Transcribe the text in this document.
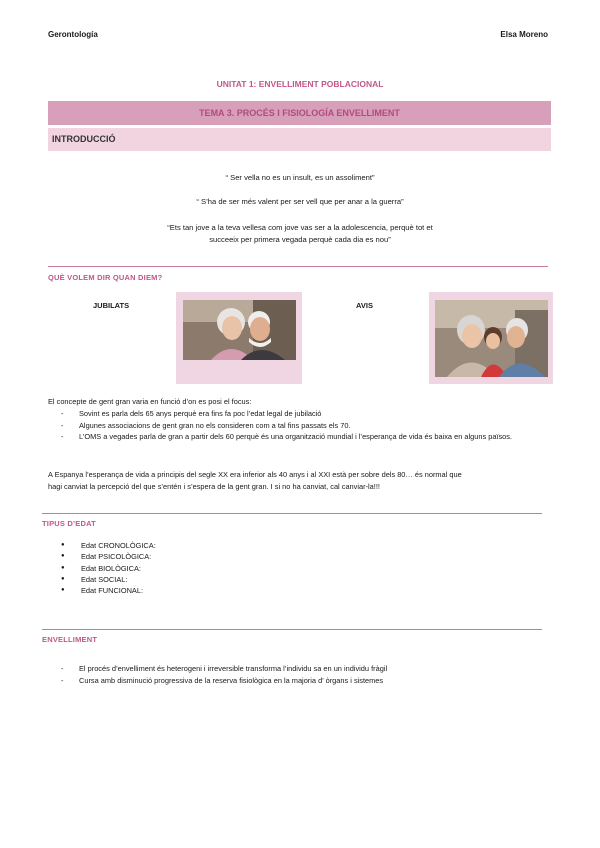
Gerontología	Elsa Moreno
UNITAT 1: ENVELLIMENT POBLACIONAL
TEMA 3. PROCÉS I FISIOLOGÍA ENVELLIMENT
INTRODUCCIÓ
“ Ser vella no es un insult, es un assoliment”
“ S’ha de ser més valent per ser vell que per anar a la guerra”
“Ets tan jove a la teva vellesa com jove vas ser a la adolescencia, perquè tot et
succeeix per primera vegada perquè cada dia es nou”
QUÈ VOLEM DIR QUAN DIEM?
JUBILATS	AVIS
El concepte de gent gran varia en funció d’on es posi el focus:
- Sovint es parla dels 65 anys perquè era fins fa poc l’edat legal de jubilació
- Algunes associacions de gent gran no els consideren com a tal fins passats els 70.
- L’OMS a vegades parla de gran a partir dels 60 perquè és una organització mundial i l’esperança de vida és baixa en alguns països.
A Espanya l’esperança de vida a principis del segle XX era inferior als 40 anys i al XXI està per sobre dels 80… és normal que
hagi canviat la percepció del que s’entén i s’espera de la gent gran. I si no ha canviat, cal canviar-la!!!
TIPUS D’EDAT
● Edat CRONOLÒGICA:
● Edat PSICOLÒGICA:
● Edat BIOLÒGICA:
● Edat SOCIAL:
● Edat FUNCIONAL:
ENVELLIMENT
- El procés d’envelliment és heterogeni i irreversible transforma l’individu sa en un individu fràgil
- Cursa amb disminució progressiva de la reserva fisiològica en la majoria d’ òrgans i sistemes
